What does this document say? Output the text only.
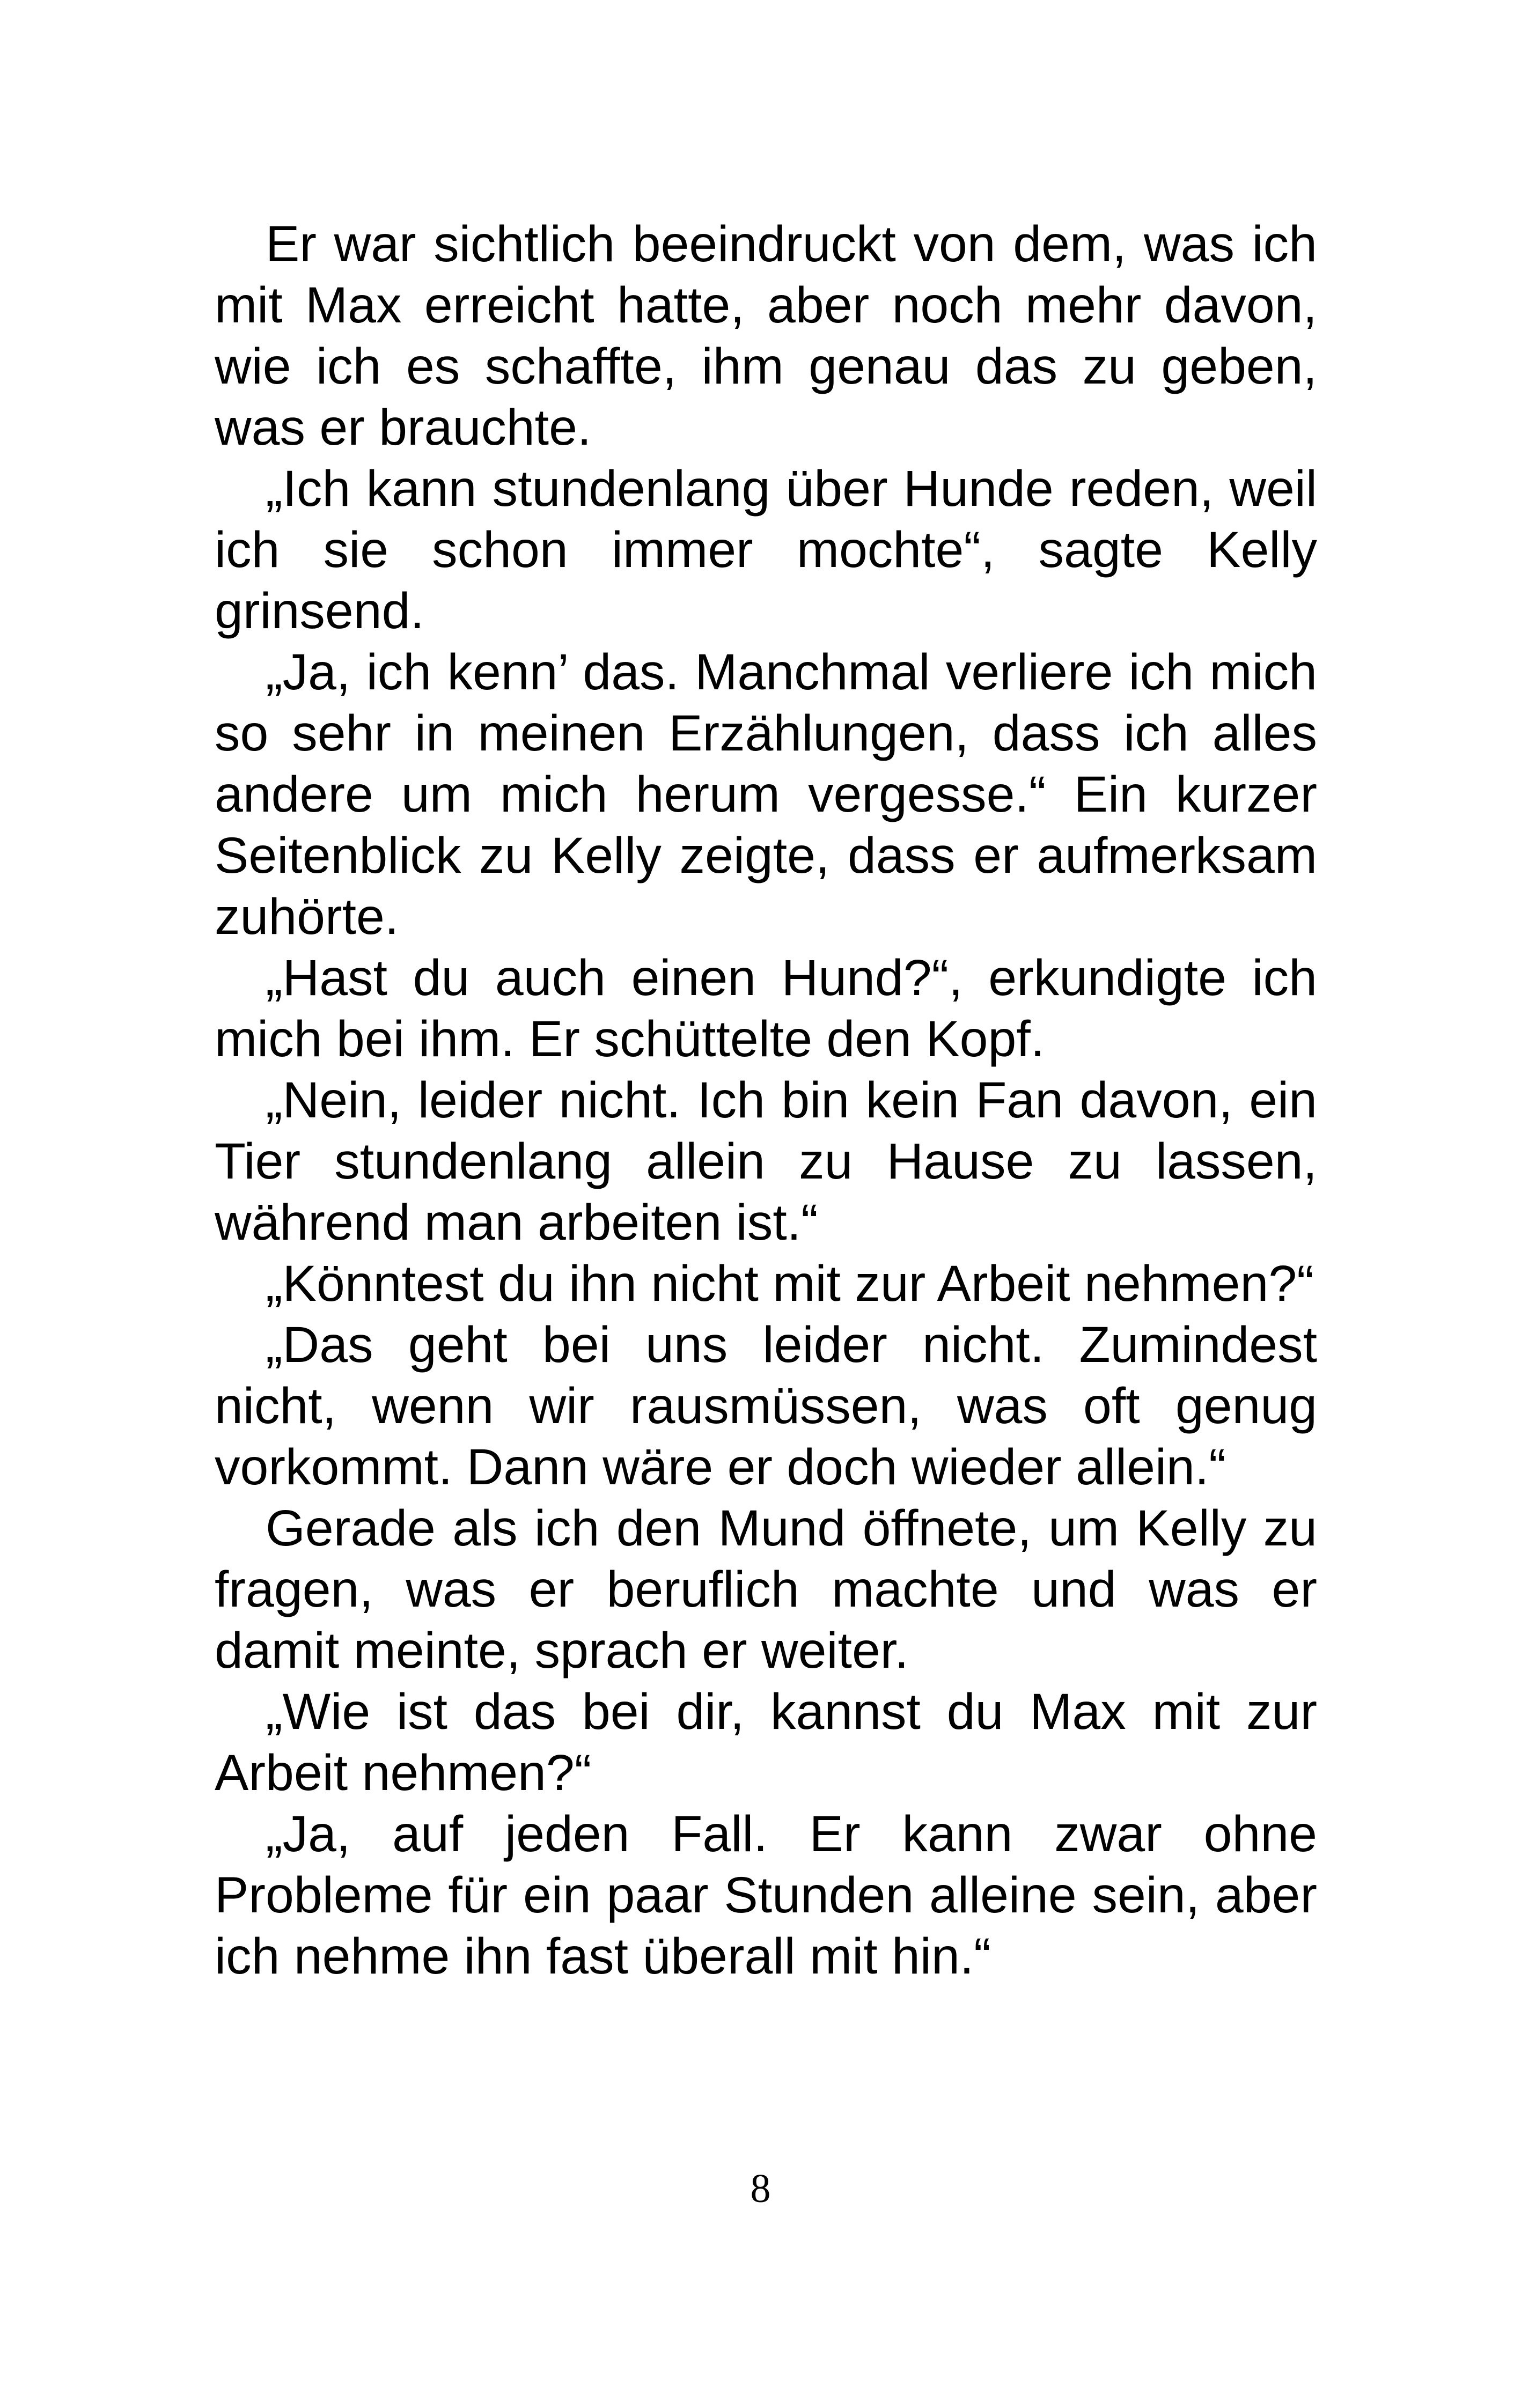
Er war sichtlich beeindruckt von dem, was ich mit Max erreicht hatte, aber noch mehr davon, wie ich es schaffte, ihm genau das zu geben, was er brauchte.

„Ich kann stundenlang über Hunde reden, weil ich sie schon immer mochte“, sagte Kelly grinsend.

„Ja, ich kenn’ das. Manchmal verliere ich mich so sehr in meinen Erzählungen, dass ich alles andere um mich herum vergesse.“ Ein kurzer Seitenblick zu Kelly zeigte, dass er aufmerksam zuhörte.

„Hast du auch einen Hund?“, erkundigte ich mich bei ihm. Er schüttelte den Kopf.

„Nein, leider nicht. Ich bin kein Fan davon, ein Tier stundenlang allein zu Hause zu lassen, während man arbeiten ist.“

„Könntest du ihn nicht mit zur Arbeit nehmen?“

„Das geht bei uns leider nicht. Zumindest nicht, wenn wir rausmüssen, was oft genug vorkommt. Dann wäre er doch wieder allein.“

Gerade als ich den Mund öffnete, um Kelly zu fragen, was er beruflich machte und was er damit meinte, sprach er weiter.

„Wie ist das bei dir, kannst du Max mit zur Arbeit nehmen?“

„Ja, auf jeden Fall. Er kann zwar ohne Probleme für ein paar Stunden alleine sein, aber ich nehme ihn fast überall mit hin.“

8
